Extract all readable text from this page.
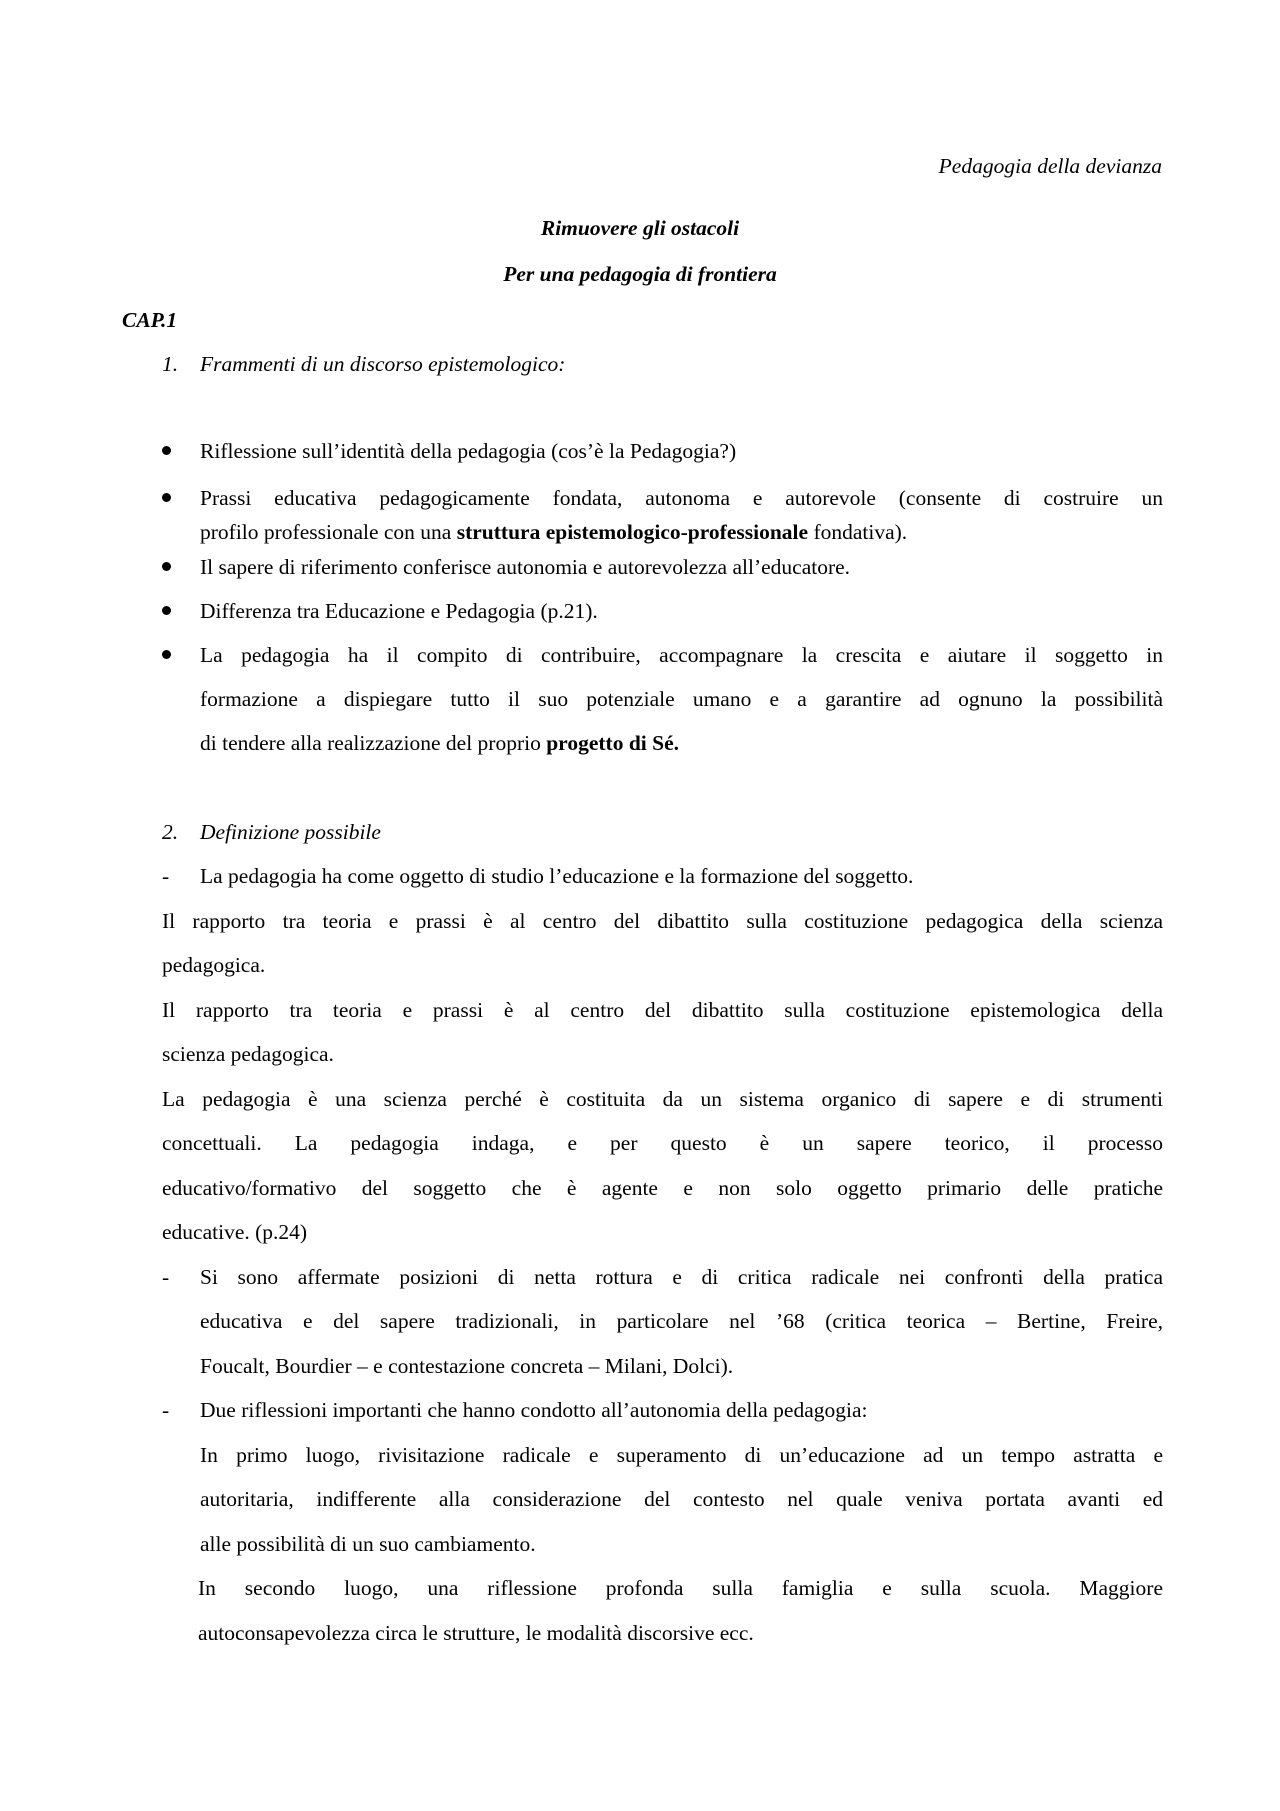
Pedagogia della devianza
Rimuovere gli ostacoli
Per una pedagogia di frontiera
CAP.1
1. Frammenti di un discorso epistemologico:
Riflessione sull’identità della pedagogia (cos’è la Pedagogia?)
Prassi educativa pedagogicamente fondata, autonoma e autorevole (consente di costruire un
profilo professionale con una struttura epistemologico-professionale fondativa).
Il sapere di riferimento conferisce autonomia e autorevolezza all’educatore.
Differenza tra Educazione e Pedagogia (p.21).
La pedagogia ha il compito di contribuire, accompagnare la crescita e aiutare il soggetto in
formazione a dispiegare tutto il suo potenziale umano e a garantire ad ognuno la possibilità
di tendere alla realizzazione del proprio progetto di Sé.
2. Definizione possibile
- La pedagogia ha come oggetto di studio l’educazione e la formazione del soggetto.
Il rapporto tra teoria e prassi è al centro del dibattito sulla costituzione pedagogica della scienza
pedagogica.
Il rapporto tra teoria e prassi è al centro del dibattito sulla costituzione epistemologica della
scienza pedagogica.
La pedagogia è una scienza perché è costituita da un sistema organico di sapere e di strumenti
concettuali. La pedagogia indaga, e per questo è un sapere teorico, il processo
educativo/formativo del soggetto che è agente e non solo oggetto primario delle pratiche
educative. (p.24)
- Si sono affermate posizioni di netta rottura e di critica radicale nei confronti della pratica
educativa e del sapere tradizionali, in particolare nel ’68 (critica teorica – Bertine, Freire,
Foucalt, Bourdier – e contestazione concreta – Milani, Dolci).
- Due riflessioni importanti che hanno condotto all’autonomia della pedagogia:
In primo luogo, rivisitazione radicale e superamento di un’educazione ad un tempo astratta e
autoritaria, indifferente alla considerazione del contesto nel quale veniva portata avanti ed
alle possibilità di un suo cambiamento.
In secondo luogo, una riflessione profonda sulla famiglia e sulla scuola. Maggiore
autoconsapevolezza circa le strutture, le modalità discorsive ecc.
